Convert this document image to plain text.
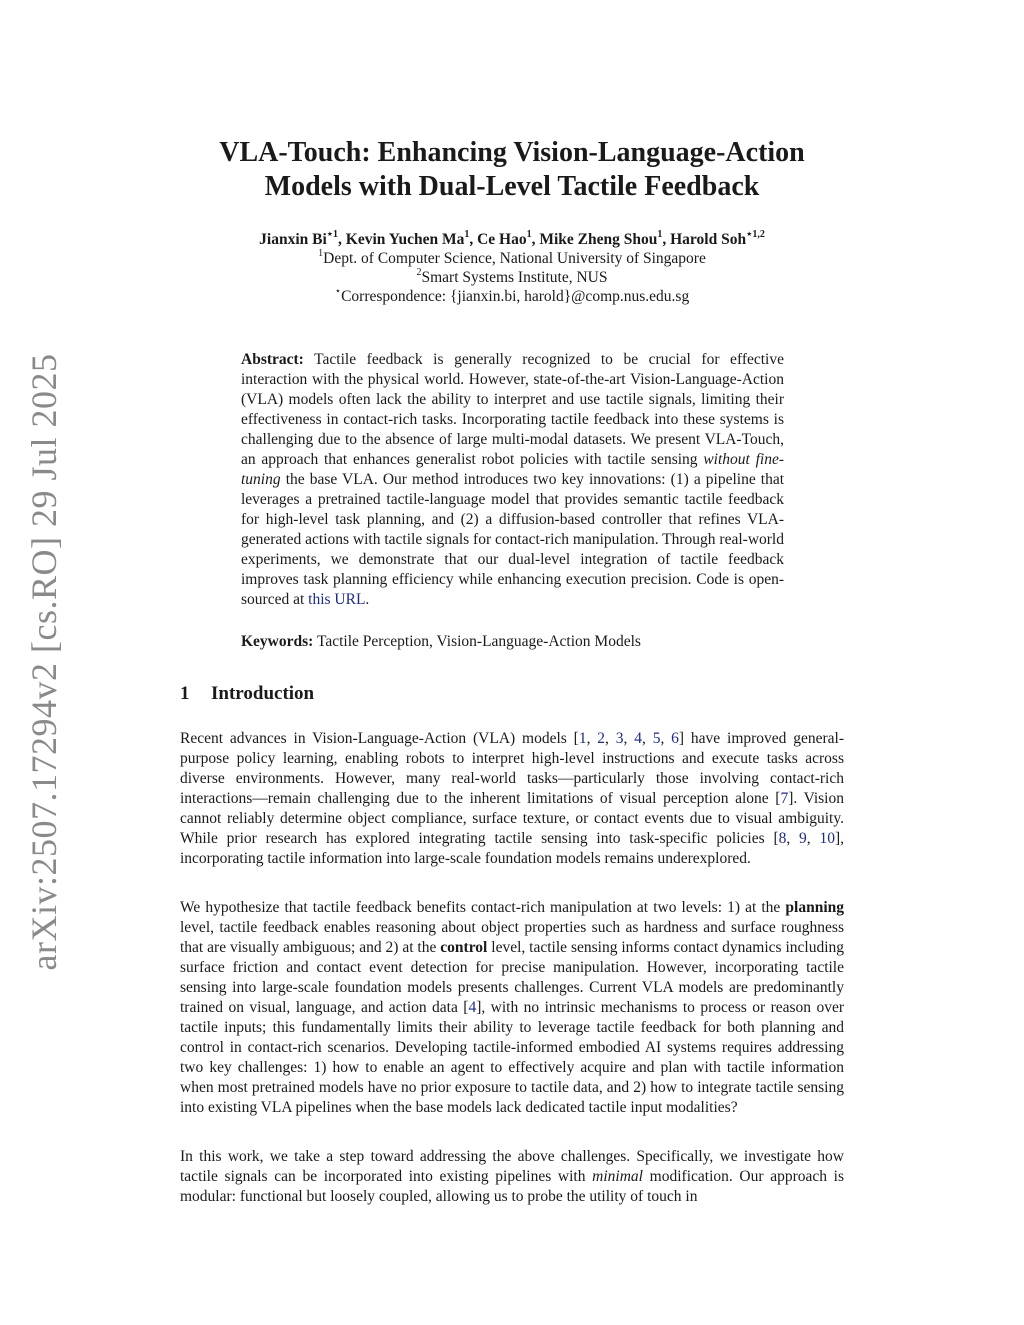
arXiv:2507.17294v2 [cs.RO] 29 Jul 2025
VLA-Touch: Enhancing Vision-Language-Action
Models with Dual-Level Tactile Feedback
Jianxin $Bi^{⋆1}$, Kevin Yuchen Ma$^1$, Ce Hao$^1$, Mike Zheng Shou$^1$, Harold Soh$^{⋆1,2}$
$^1$Dept. of Computer Science, National University of Singapore
$^2$Smart Systems Institute, NUS
⋆Correspondence: {jianxin.bi, harold}@comp.nus.edu.sg
Abstract: Tactile feedback is generally recognized to be crucial for effective interaction with the physical world. However, state-of-the-art Vision-Language-Action (VLA) models often lack the ability to interpret and use tactile signals, limiting their effectiveness in contact-rich tasks. Incorporating tactile feedback into these systems is challenging due to the absence of large multi-modal datasets. We present VLA-Touch, an approach that enhances generalist robot policies with tactile sensing without fine-tuning the base VLA. Our method introduces two key innovations: (1) a pipeline that leverages a pretrained tactile-language model that provides semantic tactile feedback for high-level task planning, and (2) a diffusion-based controller that refines VLA-generated actions with tactile signals for contact-rich manipulation. Through real-world experiments, we demonstrate that our dual-level integration of tactile feedback improves task planning efficiency while enhancing execution precision. Code is open-sourced at this URL.
Keywords: Tactile Perception, Vision-Language-Action Models
1 Introduction
Recent advances in Vision-Language-Action (VLA) models [1, 2, 3, 4, 5, 6] have improved general-purpose policy learning, enabling robots to interpret high-level instructions and execute tasks across diverse environments. However, many real-world tasks—particularly those involving contact-rich interactions—remain challenging due to the inherent limitations of visual perception alone [7]. Vision cannot reliably determine object compliance, surface texture, or contact events due to visual ambiguity. While prior research has explored integrating tactile sensing into task-specific policies [8, 9, 10], incorporating tactile information into large-scale foundation models remains underexplored.
We hypothesize that tactile feedback benefits contact-rich manipulation at two levels: 1) at the planning level, tactile feedback enables reasoning about object properties such as hardness and surface roughness that are visually ambiguous; and 2) at the control level, tactile sensing informs contact dynamics including surface friction and contact event detection for precise manipulation. However, incorporating tactile sensing into large-scale foundation models presents challenges. Current VLA models are predominantly trained on visual, language, and action data [4], with no intrinsic mechanisms to process or reason over tactile inputs; this fundamentally limits their ability to leverage tactile feedback for both planning and control in contact-rich scenarios. Developing tactile-informed embodied AI systems requires addressing two key challenges: 1) how to enable an agent to effectively acquire and plan with tactile information when most pretrained models have no prior exposure to tactile data, and 2) how to integrate tactile sensing into existing VLA pipelines when the base models lack dedicated tactile input modalities?
In this work, we take a step toward addressing the above challenges. Specifically, we investigate how tactile signals can be incorporated into existing pipelines with minimal modification. Our approach is modular: functional but loosely coupled, allowing us to probe the utility of touch in
